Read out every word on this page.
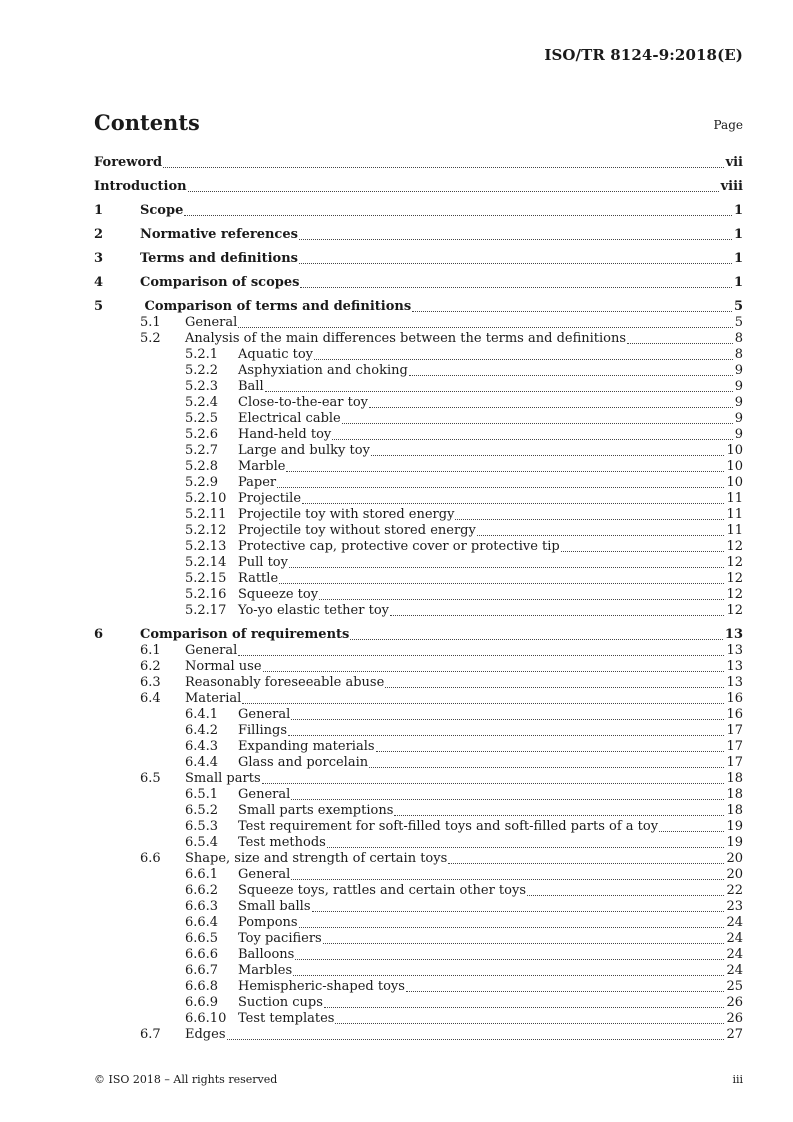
ISO/TR 8124-9:2018(E)
Contents	Page
Foreword	vii
Introduction	viii
1	Scope	1
2	Normative references	1
3	Terms and definitions	1
4	Comparison of scopes	1
5	Comparison of terms and definitions	5
5.1	General	5
5.2	Analysis of the main differences between the terms and definitions	8
5.2.1	Aquatic toy	8
5.2.2	Asphyxiation and choking	9
5.2.3	Ball	9
5.2.4	Close-to-the-ear toy	9
5.2.5	Electrical cable	9
5.2.6	Hand-held toy	9
5.2.7	Large and bulky toy	10
5.2.8	Marble	10
5.2.9	Paper	10
5.2.10 Projectile	11
5.2.11 Projectile toy with stored energy	11
5.2.12 Projectile toy without stored energy	11
5.2.13 Protective cap, protective cover or protective tip	12
5.2.14 Pull toy	12
5.2.15 Rattle	12
5.2.16 Squeeze toy	12
5.2.17 Yo-yo elastic tether toy	12
6	Comparison of requirements	13
6.1	General	13
6.2	Normal use	13
6.3	Reasonably foreseeable abuse	13
6.4	Material	16
6.4.1	General	16
6.4.2	Fillings	17
6.4.3	Expanding materials	17
6.4.4	Glass and porcelain	17
6.5	Small parts	18
6.5.1	General	18
6.5.2	Small parts exemptions	18
6.5.3	Test requirement for soft-filled toys and soft-filled parts of a toy	19
6.5.4	Test methods	19
6.6	Shape, size and strength of certain toys	20
6.6.1	General	20
6.6.2	Squeeze toys, rattles and certain other toys	22
6.6.3	Small balls	23
6.6.4	Pompons	24
6.6.5	Toy pacifiers	24
6.6.6	Balloons	24
6.6.7	Marbles	24
6.6.8	Hemispheric-shaped toys	25
6.6.9	Suction cups	26
6.6.10 Test templates	26
6.7	Edges	27
© ISO 2018 – All rights reserved	iii
